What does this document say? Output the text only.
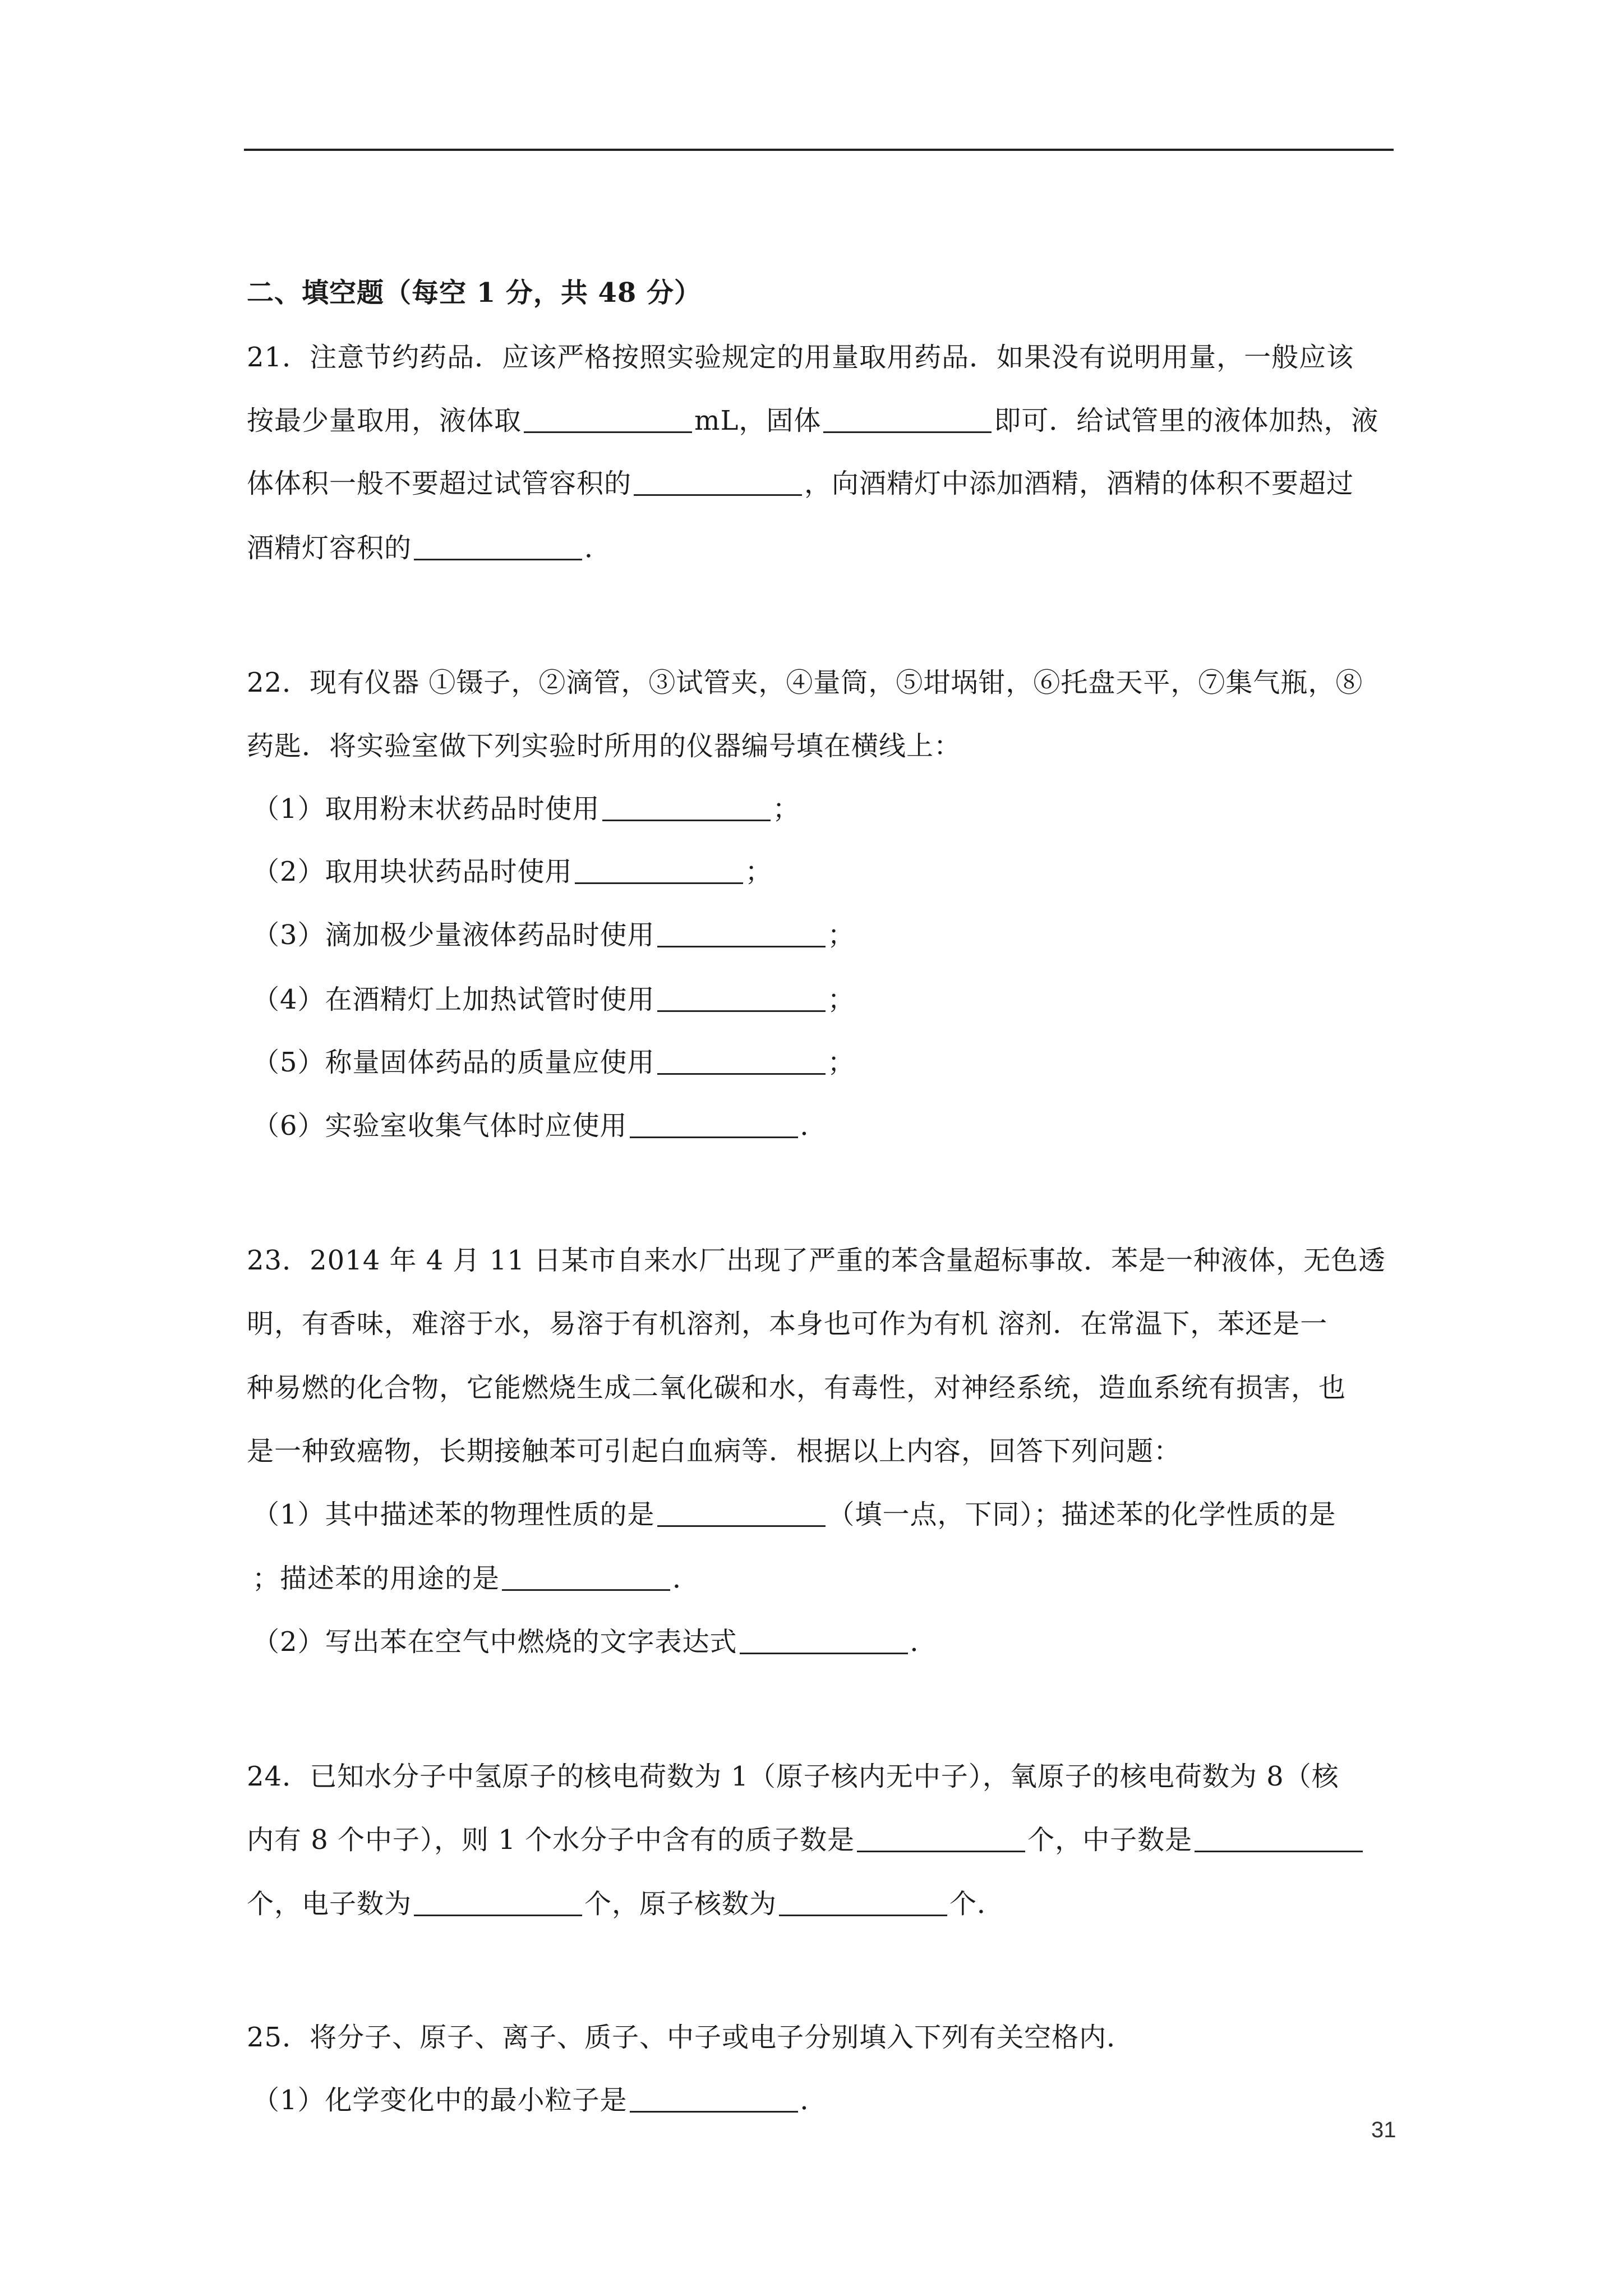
二、填空题（每空 1 分，共 48 分）
21．注意节约药品．应该严格按照实验规定的用量取用药品．如果没有说明用量，一般应该
按最少量取用，液体取	mL，固体	即可．给试管里的液体加热，液
体体积一般不要超过试管容积的	，向酒精灯中添加酒精，酒精的体积不要超过
酒精灯容积的	．
22．现有仪器 ①镊子，②滴管，③试管夹，④量筒，⑤坩埚钳，⑥托盘天平，⑦集气瓶，⑧
药匙．将实验室做下列实验时所用的仪器编号填在横线上：
（1）取用粉末状药品时使用	；
（2）取用块状药品时使用	；
（3）滴加极少量液体药品时使用	；
（4）在酒精灯上加热试管时使用	；
（5）称量固体药品的质量应使用	；
（6）实验室收集气体时应使用	．
23．2014 年 4 月 11 日某市自来水厂出现了严重的苯含量超标事故．苯是一种液体，无色透
明，有香味，难溶于水，易溶于有机溶剂，本身也可作为有机 溶剂．在常温下，苯还是一
种易燃的化合物，它能燃烧生成二氧化碳和水，有毒性，对神经系统，造血系统有损害，也
是一种致癌物，长期接触苯可引起白血病等．根据以上内容，回答下列问题：
（1）其中描述苯的物理性质的是	（填一点，下同）；描述苯的化学性质的是
；描述苯的用途的是	．
（2）写出苯在空气中燃烧的文字表达式	．
24．已知水分子中氢原子的核电荷数为 1（原子核内无中子），氧原子的核电荷数为 8（核
内有 8 个中子），则 1 个水分子中含有的质子数是	个，中子数是
个，电子数为	个，原子核数为	个．
25．将分子、原子、离子、质子、中子或电子分别填入下列有关空格内．
（1）化学变化中的最小粒子是	．
31
